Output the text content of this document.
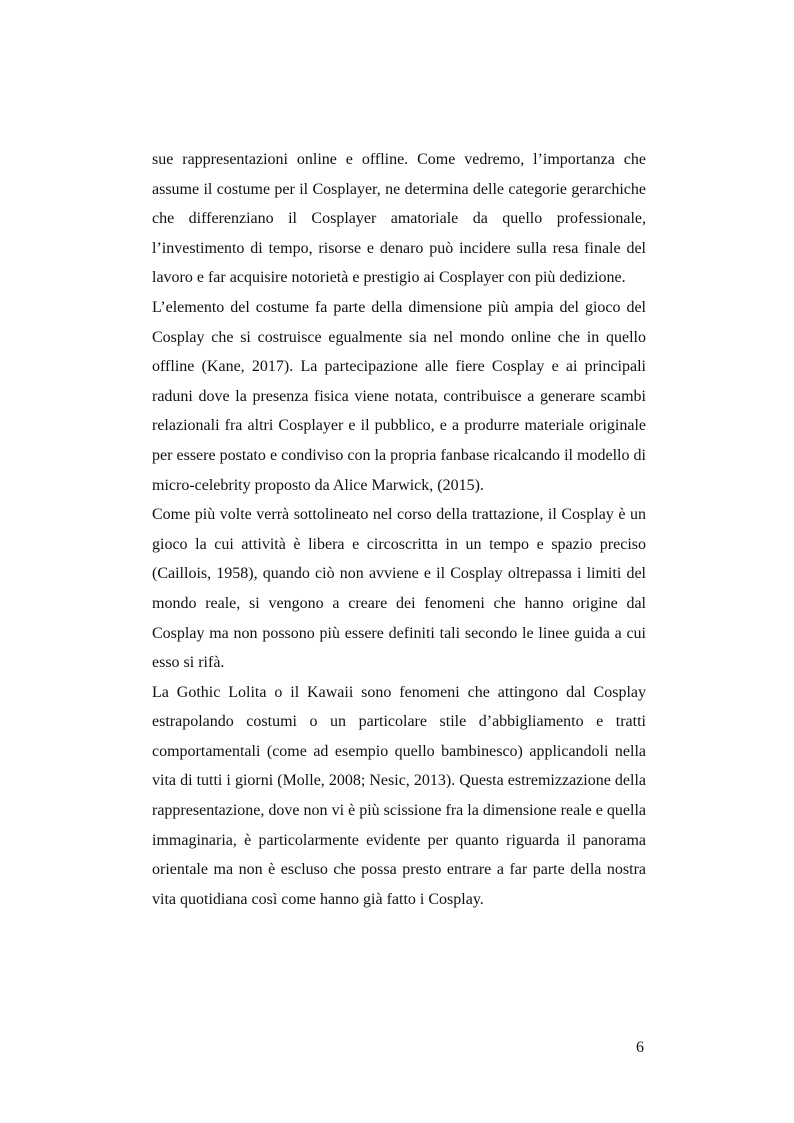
sue rappresentazioni online e offline. Come vedremo, l’importanza che assume il costume per il Cosplayer, ne determina delle categorie gerarchiche che differenziano il Cosplayer amatoriale da quello professionale, l’investimento di tempo, risorse e denaro può incidere sulla resa finale del lavoro e far acquisire notorietà e prestigio ai Cosplayer con più dedizione.

L’elemento del costume fa parte della dimensione più ampia del gioco del Cosplay che si costruisce egualmente sia nel mondo online che in quello offline (Kane, 2017). La partecipazione alle fiere Cosplay e ai principali raduni dove la presenza fisica viene notata, contribuisce a generare scambi relazionali fra altri Cosplayer e il pubblico, e a produrre materiale originale per essere postato e condiviso con la propria fanbase ricalcando il modello di micro-celebrity proposto da Alice Marwick, (2015).

Come più volte verrà sottolineato nel corso della trattazione, il Cosplay è un gioco la cui attività è libera e circoscritta in un tempo e spazio preciso (Caillois, 1958), quando ciò non avviene e il Cosplay oltrepassa i limiti del mondo reale, si vengono a creare dei fenomeni che hanno origine dal Cosplay ma non possono più essere definiti tali secondo le linee guida a cui esso si rifà.

La Gothic Lolita o il Kawaii sono fenomeni che attingono dal Cosplay estrapolando costumi o un particolare stile d’abbigliamento e tratti comportamentali (come ad esempio quello bambinesco) applicandoli nella vita di tutti i giorni (Molle, 2008; Nesic, 2013). Questa estremizzazione della rappresentazione, dove non vi è più scissione fra la dimensione reale e quella immaginaria, è particolarmente evidente per quanto riguarda il panorama orientale ma non è escluso che possa presto entrare a far parte della nostra vita quotidiana così come hanno già fatto i Cosplay.

6
